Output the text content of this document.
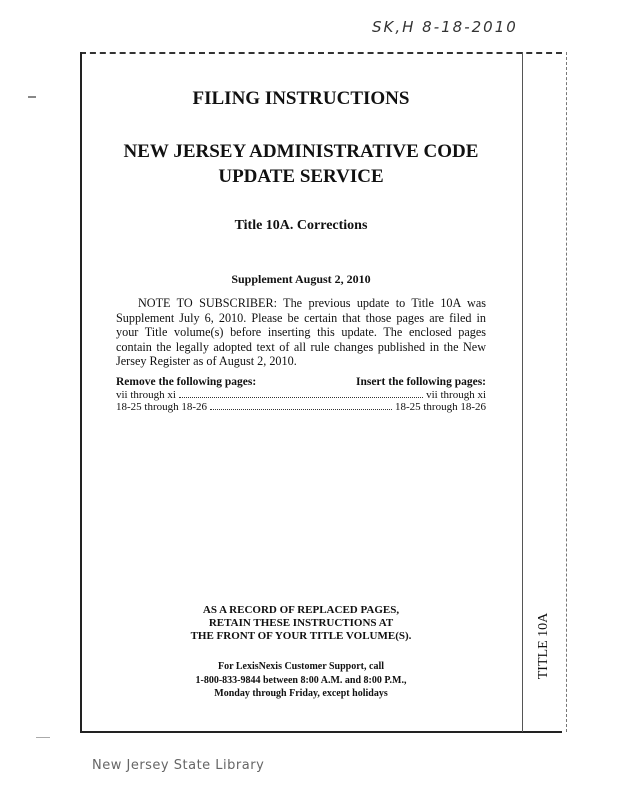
SK,H 8-18-2010
FILING INSTRUCTIONS
NEW JERSEY ADMINISTRATIVE CODE
UPDATE SERVICE
Title 10A. Corrections
Supplement August 2, 2010
NOTE TO SUBSCRIBER: The previous update to Title 10A was Supplement July 6, 2010. Please be certain that those pages are filed in your Title volume(s) before inserting this update. The enclosed pages contain the legally adopted text of all rule changes published in the New Jersey Register as of August 2, 2010.
Remove the following pages:	Insert the following pages:
vii through xi	vii through xi
18-25 through 18-26	18-25 through 18-26
AS A RECORD OF REPLACED PAGES,
RETAIN THESE INSTRUCTIONS AT
THE FRONT OF YOUR TITLE VOLUME(S).
For LexisNexis Customer Support, call
1-800-833-9844 between 8:00 A.M. and 8:00 P.M.,
Monday through Friday, except holidays
TITLE 10A
New Jersey State Library
